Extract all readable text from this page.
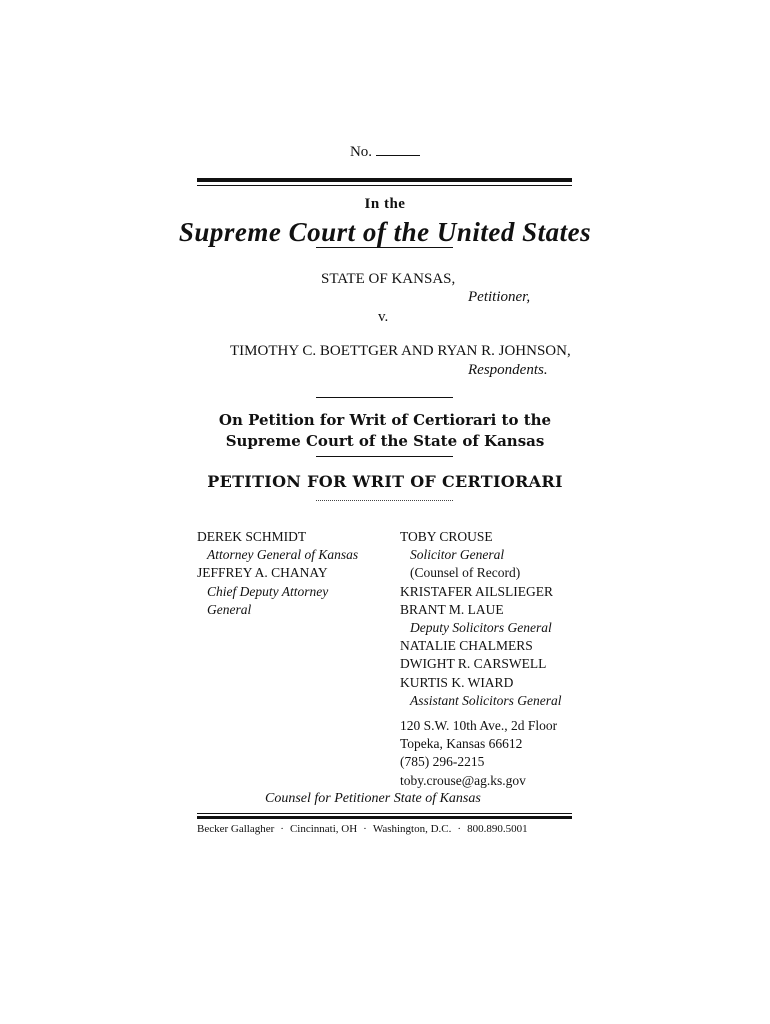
No.
In the
Supreme Court of the United States
STATE OF KANSAS,
Petitioner,
v.
TIMOTHY C. BOETTGER AND RYAN R. JOHNSON,
Respondents.
On Petition for Writ of Certiorari to the
Supreme Court of the State of Kansas
PETITION FOR WRIT OF CERTIORARI
DEREK SCHMIDT
Attorney General of Kansas
JEFFREY A. CHANAY
Chief Deputy Attorney
General
TOBY CROUSE
Solicitor General
(Counsel of Record)
KRISTAFER AILSLIEGER
BRANT M. LAUE
Deputy Solicitors General
NATALIE CHALMERS
DWIGHT R. CARSWELL
KURTIS K. WIARD
Assistant Solicitors General
120 S.W. 10th Ave., 2d Floor
Topeka, Kansas 66612
(785) 296-2215
toby.crouse@ag.ks.gov
Counsel for Petitioner State of Kansas
Becker Gallagher · Cincinnati, OH · Washington, D.C. · 800.890.5001
